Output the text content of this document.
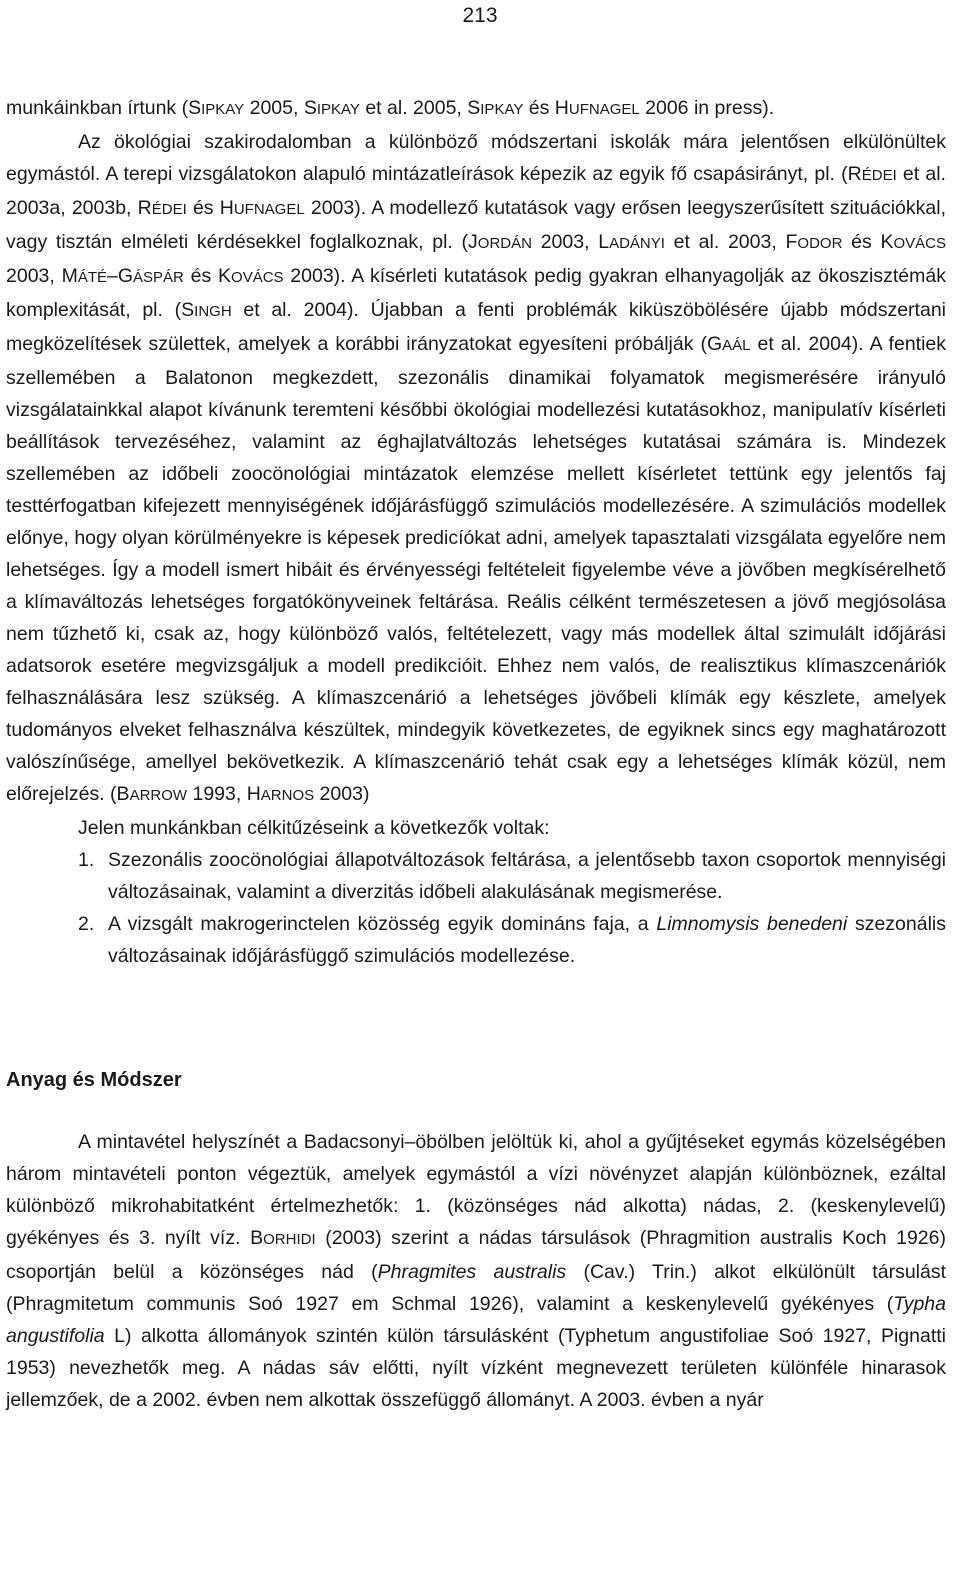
213

munkáinkban írtunk (SIPKAY 2005, SIPKAY et al. 2005, SIPKAY és HUFNAGEL 2006 in press).

Az ökológiai szakirodalomban a különböző módszertani iskolák mára jelentősen elkülönültek egymástól. A terepi vizsgálatokon alapuló mintázatleírások képezik az egyik fő csapásirányt, pl. (RÉDEI et al. 2003a, 2003b, RÉDEI és HUFNAGEL 2003). A modellező kutatások vagy erősen leegyszerűsített szituációkkal, vagy tisztán elméleti kérdésekkel foglalkoznak, pl. (JORDÁN 2003, LADÁNYI et al. 2003, FODOR és KOVÁCS 2003, MÁTÉ–GÁSPÁR és KOVÁCS 2003). A kísérleti kutatások pedig gyakran elhanyagolják az ökoszisztémák komplexitását, pl. (SINGH et al. 2004). Újabban a fenti problémák kiküszöbölésére újabb módszertani megközelítések születtek, amelyek a korábbi irányzatokat egyesíteni próbálják (GAÁL et al. 2004). A fentiek szellemében a Balatonon megkezdett, szezonális dinamikai folyamatok megismerésére irányuló vizsgálatainkkal alapot kívánunk teremteni későbbi ökológiai modellezési kutatásokhoz, manipulatív kísérleti beállítások tervezéséhez, valamint az éghajlatváltozás lehetséges kutatásai számára is. Mindezek szellemében az időbeli zoocönológiai mintázatok elemzése mellett kísérletet tettünk egy jelentős faj testtérfogatban kifejezett mennyiségének időjárásfüggő szimulációs modellezésére. A szimulációs modellek előnye, hogy olyan körülményekre is képesek predicíókat adni, amelyek tapasztalati vizsgálata egyelőre nem lehetséges. Így a modell ismert hibáit és érvényességi feltételeit figyelembe véve a jövőben megkísérelhető a klímaváltozás lehetséges forgatókönyveinek feltárása. Reális célként természetesen a jövő megjósolása nem tűzhető ki, csak az, hogy különböző valós, feltételezett, vagy más modellek által szimulált időjárási adatsorok esetére megvizsgáljuk a modell predikcióit. Ehhez nem valós, de realisztikus klímaszcenáriók felhasználására lesz szükség. A klímaszcenárió a lehetséges jövőbeli klímák egy készlete, amelyek tudományos elveket felhasználva készültek, mindegyik következetes, de egyiknek sincs egy maghatározott valószínűsége, amellyel bekövetkezik. A klímaszcenárió tehát csak egy a lehetséges klímák közül, nem előrejelzés. (BARROW 1993, HARNOS 2003)

Jelen munkánkban célkitűzéseink a következők voltak:

1. Szezonális zoocönológiai állapotváltozások feltárása, a jelentősebb taxon csoportok mennyiségi változásainak, valamint a diverzitás időbeli alakulásának megismerése.
2. A vizsgált makrogerinctelen közösség egyik domináns faja, a Limnomysis benedeni szezonális változásainak időjárásfüggő szimulációs modellezése.
Anyag és Módszer

A mintavétel helyszínét a Badacsonyi–öbölben jelöltük ki, ahol a gyűjtéseket egymás közelségében három mintavételi ponton végeztük, amelyek egymástól a vízi növényzet alapján különböznek, ezáltal különböző mikrohabitatként értelmezhetők: 1. (közönséges nád alkotta) nádas, 2. (keskenylevelű) gyékényes és 3. nyílt víz. BORHIDI (2003) szerint a nádas társulások (Phragmition australis Koch 1926) csoportján belül a közönséges nád (Phragmites australis (Cav.) Trin.) alkot elkülönült társulást (Phragmitetum communis Soó 1927 em Schmal 1926), valamint a keskenylevelű gyékényes (Typha angustifolia L) alkotta állományok szintén külön társulásként (Typhetum angustifoliae Soó 1927, Pignatti 1953) nevezhetők meg. A nádas sáv előtti, nyílt vízként megnevezett területen különféle hinarasok jellemzőek, de a 2002. évben nem alkottak összefüggő állományt. A 2003. évben a nyár
